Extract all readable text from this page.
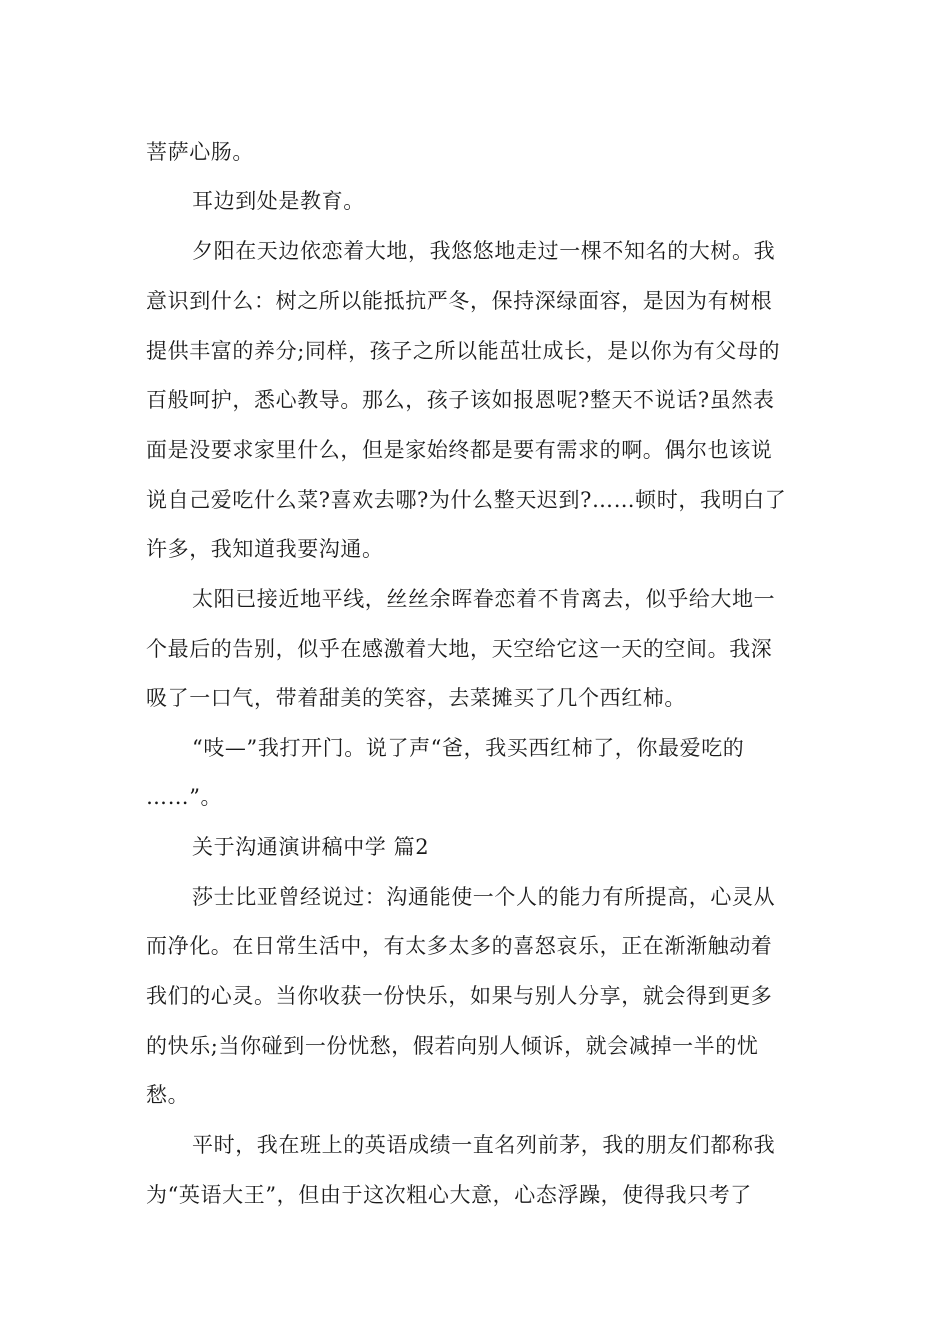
菩萨心肠。
耳边到处是教育。
夕阳在天边依恋着大地，我悠悠地走过一棵不知名的大树。我
意识到什么：树之所以能抵抗严冬，保持深绿面容，是因为有树根
提供丰富的养分;同样，孩子之所以能茁壮成长，是以你为有父母的
百般呵护，悉心教导。那么，孩子该如报恩呢?整天不说话?虽然表
面是没要求家里什么，但是家始终都是要有需求的啊。偶尔也该说
说自己爱吃什么菜?喜欢去哪?为什么整天迟到?……顿时，我明白了
许多，我知道我要沟通。
太阳已接近地平线，丝丝余晖眷恋着不肯离去，似乎给大地一
个最后的告别，似乎在感激着大地，天空给它这一天的空间。我深
吸了一口气，带着甜美的笑容，去菜摊买了几个西红柿。
“吱—”我打开门。说了声“爸，我买西红柿了，你最爱吃的
……”。
关于沟通演讲稿中学 篇2
莎士比亚曾经说过：沟通能使一个人的能力有所提高，心灵从
而净化。在日常生活中，有太多太多的喜怒哀乐，正在渐渐触动着
我们的心灵。当你收获一份快乐，如果与别人分享，就会得到更多
的快乐;当你碰到一份忧愁，假若向别人倾诉，就会减掉一半的忧
愁。
平时，我在班上的英语成绩一直名列前茅，我的朋友们都称我
为“英语大王”，但由于这次粗心大意，心态浮躁，使得我只考了
